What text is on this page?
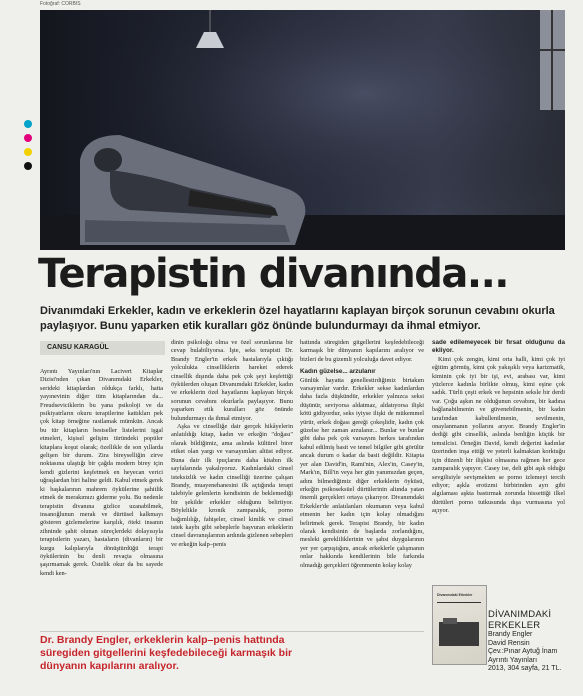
Fotoğraf: CORBIS
Terapistin divanında...
Divanımdaki Erkekler, kadın ve erkeklerin özel hayatlarını kaplayan birçok sorunun cevabını okurla paylaşıyor. Bunu yaparken etik kuralları göz önünde bulundurmayı da ihmal etmiyor.
CANSU KARAGÜL

Ayrıntı Yayınları'nın Lacivert Kitaplar Dizisi'nden çıkan Divanımdaki Erkekler, serideki kitaplardan oldukça farklı, hatta yayınevinin diğer tüm kitaplarından da... Freudseviciklerin bu yana psikoloji ve da psikiyatrların okuru terapilerine kattıkları pek çok kitap örneğine rastlamak mümkün. Ancak bu tür kitapların bestseller listelerini işgal etmeleri, kişisel gelişim türündeki popüler kitaplara koşut olarak; özellikle de son yıllarda gelişen bir durum. Zira bireyselliğin zirve noktasına ulaştığı bir çağda modern birey için kendi gizlerini keşfetmek en heyecan verici uğraşlardan biri haline geldi. Kabul etmek gerek ki başkalarının mahrem öykülerine şahitlik etmek de merakımızı giderme yolu. Bu nedenle terapistin divanına gizlice uzanabilmek, insanoğlunun merak ve dürtüsel kalkmayı gösteren gizlemelerine karşılık, öteki insanın zihninde şahit olunan süreçlerdeki dolayısıyla terapistlerin yazarı, hastaların (divanların) bir kurgu kalıplarıyla dönüştürdüğü terapi öykülerinin bu denli revaçta olmasına şaşırmamak gerek. Üstelik okur da bu sayede kendi ken-

dinin psikoloğu olma ve özel sorunlarına bir cevap bulabiliyorsa. İşte, seks terapisti Dr. Brandy Engler'in erkek hastalarıyla çıktığı yolculukta cinselliklerin hareket ederek cinsellik dışında daha pek çok şeyi keşfettiği öykülerden oluşan Divanımdaki Erkekler, kadın ve erkeklerin özel hayatlarını kaplayan birçok sorunun cevabını okurlarla paylaşıyor. Bunu yaparken etik kuralları göz önünde bulundurmayı da ihmal etmiyor.

Aşka ve cinselliğe dair gerçek hikâyelerin anlatıldığı kitap, kadın ve erkeğin "doğası" olarak bildiğimiz, ama aslında kültürel birer etiket olan yargı ve varsayımları altüst ediyor. Buna dair ilk ipuçlarını daha kitabın ilk sayfalarında yakalıyoruz. Kadınlardaki cinsel isteksizlik ve kadın cinselliği üzerine çalışan Brandy, muayenehanesini ilk açtığında terapi talebiyle gelenlerin kendisinin de beklemediği bir şekilde erkekler olduğunu belirtiyor. Böylelikle kronik zamparalık, porno bağımlılığı, fahişeler, cinsel kimlik ve cinsel istek kaybı gibi sebeplerle başvuran erkeklerin cinsel davranışlarının ardında gizlenen sebepleri ve erkeğin kalp–penis

hattında süregiden gitgellerini keşfedebileceği karmaşık bir dünyanın kapılarını aralıyor ve bizleri de bu gizemli yolculuğa davet ediyor.

Kadın güzelse... arzulanır

Günlük hayatta genellestirdiğimiz birtakım varsayımlar vardır. Erkekler sekse kadınlardan daha fazla düşkündür, erkekler yalnızca seksi düşünür, seviyorsa aldatmaz, aldatıyorsa ilişki kötü gidiyordur, seks iyiyse ilişki de mükemmel yürür, erkek doğası gereği çokeşlidir, kadın çok güzelse her zaman arzulanır... Bunlar ve bunlar gibi daha pek çok varsayım herkes tarafından kabul edilmiş basit ve temel bilgiler gibi görülür ancak durum o kadar da basit değildir. Kitapta yer alan David'in, Rami'nin, Alex'in, Casey'in, Mark'ın, Bill'in veya her gün yanımızdan geçen, adını bilmediğimiz diğer erkeklerin öyküsü, erkeğin psikoseksüel dürtülerinin altında yatan önemli gerçekleri ortaya çıkarıyor. Divanımdaki Erkekler'de anlatılanları okumanın veya kabul etmenin her kadın için kolay olmadığını belirtmek gerek. Terapist Brandy, bir kadın olarak kendisinin de başlarda zorlandığını, mesleki gerekliliklerinin ve şahsi duygularının yer yer çarpıştığını, ancak erkeklerle çalışmanın onlar hakkında kendilerinin bile farkında olmadığı gerçekleri öğrenmenin kolay kolay

sade edilemeyecek bir fırsat olduğunu da ekliyor.

Kimi çok zengin, kimi orta halli, kimi çok iyi eğitim görmüş, kimi çok yakışıklı veya karizmatik, kiminin çok iyi bir işi, evi, arabası var, kimi yüzlerce kadınla birlikte olmuş, kimi eşine çok sadık. Türlü çeşit erkek ve hepsinin seksle bir derdi var. Çoğu aşkın ne olduğunun cevabını, bir kadına bağlanabilmenin ve güvenebilmenin, bir kadın tarafından kabullenilmenin, sevilmenin, onaylanmanın yollarını arıyor. Brandy Engler'in dediği gibi cinsellik, aslında benliğin küçük bir temsilcisi. Örneğin David, kendi değerini kadınlar üzerinden inşa ettiği ve yeterli kalmaktan korktuğu için düzenli bir ilişkisi olmasına rağmen her gece zamparalık yapıyor. Casey ise, deli gibi aşık olduğu sevgilisiyle sevişmekten se porno izlemeyi tercih ediyor; aşkla erotizmi birbirinden ayrı gibi algılaması aşkta bastırmak zorunda hissettiği ilkel dürtüleri porno tutkusunda dışa vurmasına yol açıyor.

Dr. Brandy Engler, erkeklerin kalp–penis hattında süregiden gitgellerini keşfedebileceği karmaşık bir dünyanın kapılarını aralıyor.
Divanımdaki Erkekler
DİVANIMDAKİ
ERKEKLER
Brandy Engler
David Rensin
Çev.:Pınar Aytuğ İnam
Ayrıntı Yayınları
2013, 304 sayfa, 21 TL.
